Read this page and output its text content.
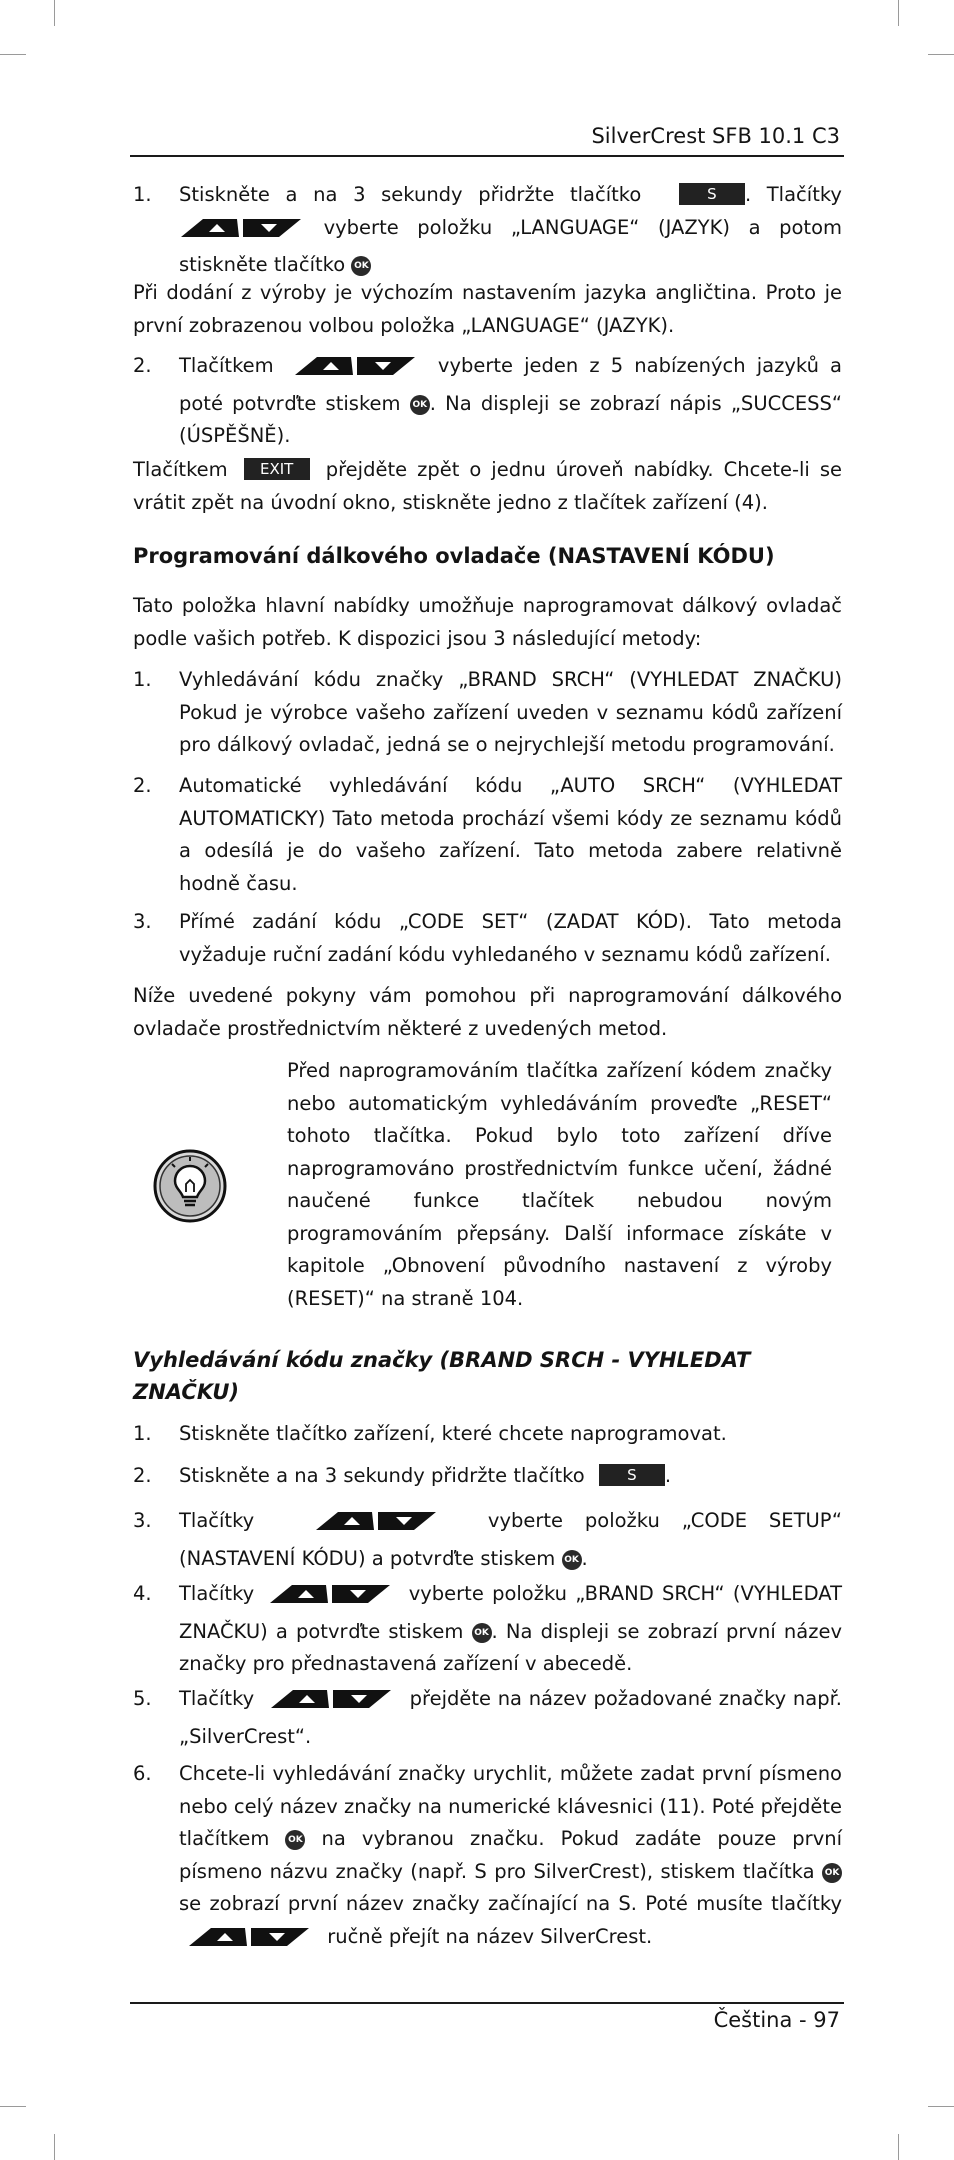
SilverCrest SFB 10.1 C3
1. Stiskněte a na 3 sekundy přidržte tlačítko	S . Tlačítky  vyberte položku „LANGUAGE“ (JAZYK) a potom stiskněte tlačítko OK
Při dodání z výroby je výchozím nastavením jazyka angličtina. Proto je první zobrazenou volbou položka „LANGUAGE“ (JAZYK).
2. Tlačítkem	vyberte jeden z 5 nabízených jazyků a poté potvrďte stiskem OK . Na displeji se zobrazí nápis „SUCCESS“ (ÚSPĚŠNĚ).
Tlačítkem EXIT přejděte zpět o jednu úroveň nabídky. Chcete-li se vrátit zpět na úvodní okno, stiskněte jedno z tlačítek zařízení (4).
Programování dálkového ovladače (NASTAVENÍ KÓDU)
Tato položka hlavní nabídky umožňuje naprogramovat dálkový ovladač podle vašich potřeb. K dispozici jsou 3 následující metody:
1. Vyhledávání kódu značky „BRAND SRCH“ (VYHLEDAT ZNAČKU) Pokud je výrobce vašeho zařízení uveden v seznamu kódů zařízení pro dálkový ovladač, jedná se o nejrychlejší metodu programování.
2. Automatické vyhledávání kódu „AUTO SRCH“ (VYHLEDAT AUTOMATICKY) Tato metoda prochází všemi kódy ze seznamu kódů a odesílá je do vašeho zařízení. Tato metoda zabere relativně hodně času.
3. Přímé zadání kódu „CODE SET“ (ZADAT KÓD). Tato metoda vyžaduje ruční zadání kódu vyhledaného v seznamu kódů zařízení.
Níže uvedené pokyny vám pomohou při naprogramování dálkového ovladače prostřednictvím některé z uvedených metod.
Před naprogramováním tlačítka zařízení kódem značky nebo automatickým vyhledáváním proveďte „RESET“ tohoto tlačítka. Pokud bylo toto zařízení dříve naprogramováno prostřednictvím funkce učení, žádné naučené funkce tlačítek nebudou novým programováním přepsány. Další informace získáte v kapitole „Obnovení původního nastavení z výroby (RESET)“ na straně 104.
Vyhledávání kódu značky (BRAND SRCH - VYHLEDAT ZNAČKU)
1. Stiskněte tlačítko zařízení, které chcete naprogramovat.
2. Stiskněte a na 3 sekundy přidržte tlačítko	S .
3. Tlačítky	vyberte položku „CODE SETUP“ (NASTAVENÍ KÓDU) a potvrďte stiskem OK .
4. Tlačítky	vyberte položku „BRAND SRCH“ (VYHLEDAT ZNAČKU) a potvrďte stiskem OK . Na displeji se zobrazí první název značky pro přednastavená zařízení v abecedě.
5. Tlačítky	přejděte na název požadované značky např. „SilverCrest“.
6. Chcete-li vyhledávání značky urychlit, můžete zadat první písmeno nebo celý název značky na numerické klávesnici (11). Poté přejděte tlačítkem OK na vybranou značku. Pokud zadáte pouze první písmeno názvu značky (např. S pro SilverCrest), stiskem tlačítka OK se zobrazí první název značky začínající na S. Poté musíte tlačítky  ručně přejít na název SilverCrest.
Čeština - 97
